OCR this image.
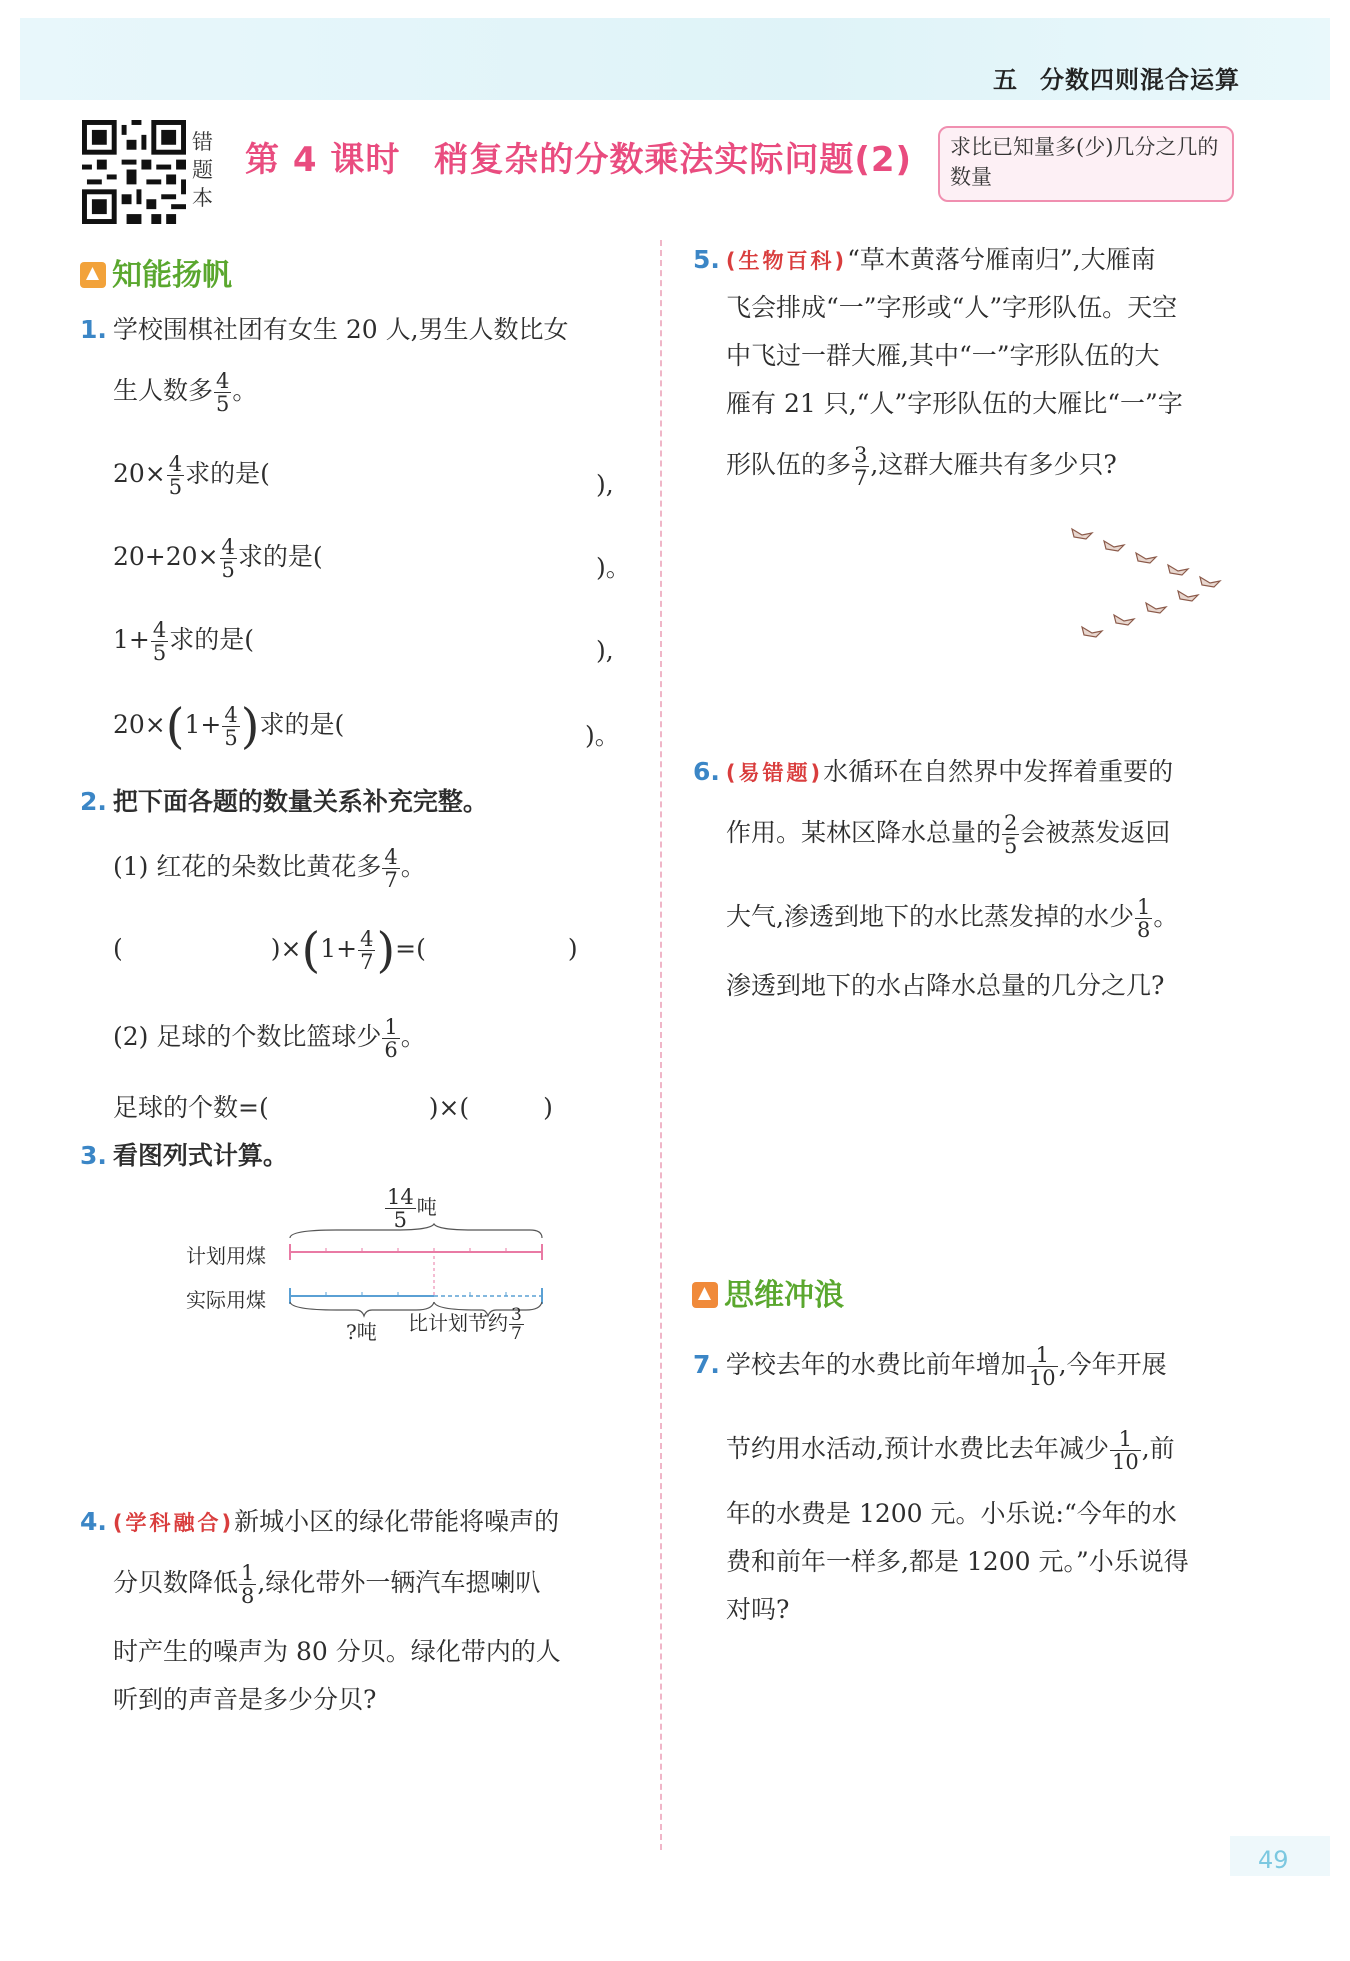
五 分数四则混合运算
错题本
第 4 课时 稍复杂的分数乘法实际问题(2)	求比已知量多(少)几分之几的数量
知能扬帆
1. 学校围棋社团有女生 20 人,男生人数比女
生人数多 $\frac{4}{5}$ 。
$20\times \frac{4}{5}$ 求的是(	),
$20+20\times \frac{4}{5}$ 求的是(	)。
$1+ \frac{4}{5}$ 求的是(	),
$20\times(1+ \frac{4}{5}$ )求的是(	)。
2. 把下面各题的数量关系补充完整。
(1) 红花的朵数比黄花多 $\frac{4}{7}$ 。
(	)$\times(1+ \frac{4}{7}$ )=(	)
(2) 足球的个数比篮球少 $\frac{1}{6}$ 。
足球的个数=(	)×(	)
3. 看图列式计算。
$\frac{14}{5}$ 吨
计划用煤
实际用煤
?吨 比计划节约 $\frac{3}{7}$
4. (学科融合)新城小区的绿化带能将噪声的
分贝数降低 $\frac{1}{8}$ ,绿化带外一辆汽车摁喇叭
时产生的噪声为 80 分贝。绿化带内的人
听到的声音是多少分贝?
5. (生物百科)“草木黄落兮雁南归”,大雁南
飞会排成“一”字形或“人”字形队伍。天空
中飞过一群大雁,其中“一”字形队伍的大
雁有 21 只,“人”字形队伍的大雁比“一”字
形队伍的多 $\frac{3}{7}$ ,这群大雁共有多少只?
6. (易错题)水循环在自然界中发挥着重要的
作用。某林区降水总量的 $\frac{2}{5}$ 会被蒸发返回
大气,渗透到地下的水比蒸发掉的水少 $\frac{1}{8}$ 。
渗透到地下的水占降水总量的几分之几?
思维冲浪
7. 学校去年的水费比前年增加 $\frac{1}{10}$ ,今年开展
节约用水活动,预计水费比去年减少 $\frac{1}{10}$ ,前
年的水费是 1200 元。小乐说:“今年的水
费和前年一样多,都是 1200 元。”小乐说得
对吗?
49
